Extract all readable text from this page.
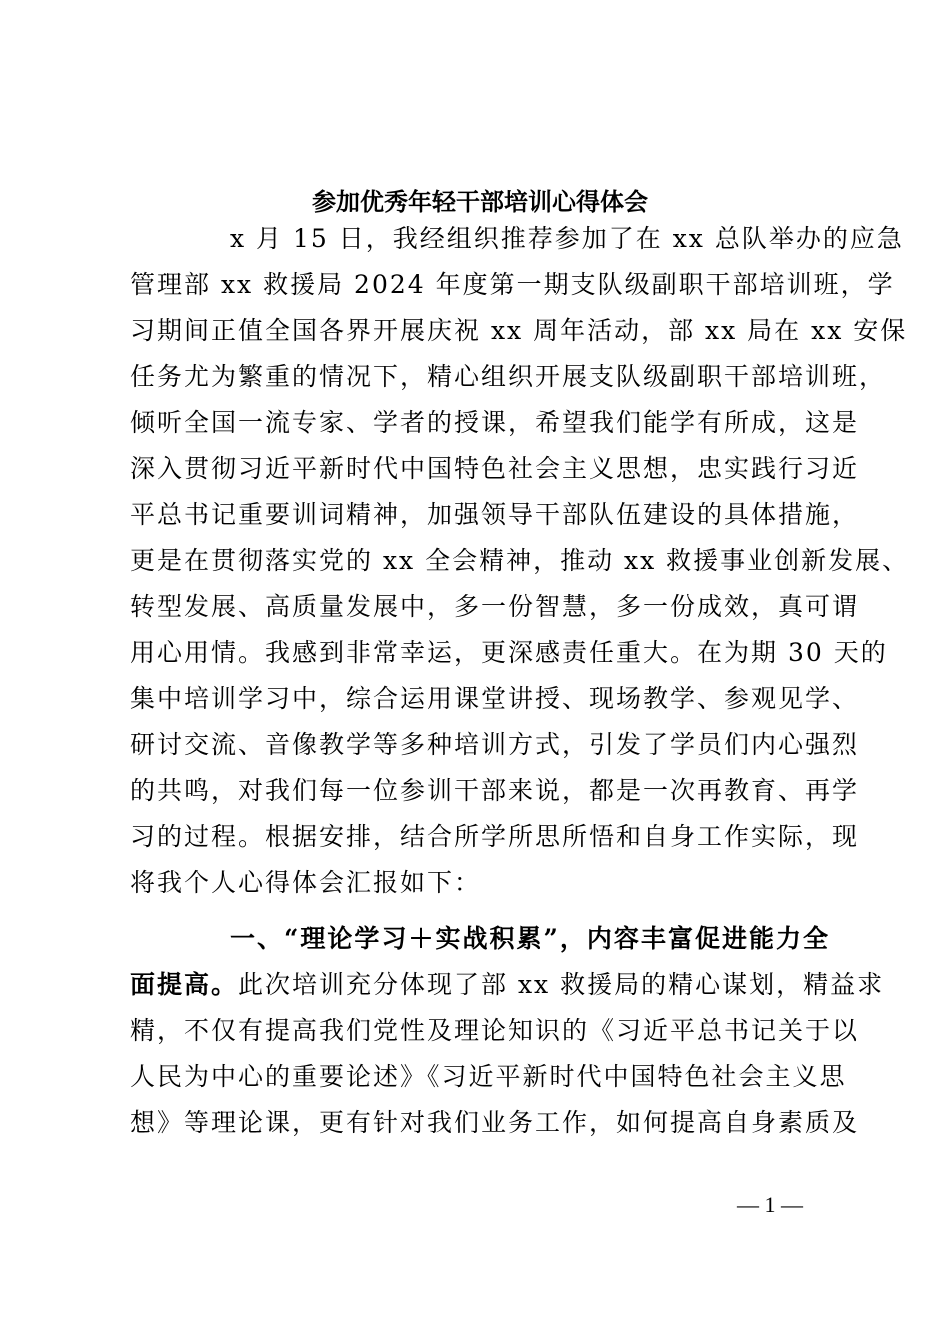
参加优秀年轻干部培训心得体会
x 月 15 日，我经组织推荐参加了在 xx 总队举办的应急
管理部 xx 救援局 2024 年度第一期支队级副职干部培训班，学
习期间正值全国各界开展庆祝 xx 周年活动，部 xx 局在 xx 安保
任务尤为繁重的情况下，精心组织开展支队级副职干部培训班，
倾听全国一流专家、学者的授课，希望我们能学有所成，这是
深入贯彻习近平新时代中国特色社会主义思想，忠实践行习近
平总书记重要训词精神，加强领导干部队伍建设的具体措施，
更是在贯彻落实党的 xx 全会精神，推动 xx 救援事业创新发展、
转型发展、高质量发展中，多一份智慧，多一份成效，真可谓
用心用情。我感到非常幸运，更深感责任重大。在为期 30 天的
集中培训学习中，综合运用课堂讲授、现场教学、参观见学、
研讨交流、音像教学等多种培训方式，引发了学员们内心强烈
的共鸣，对我们每一位参训干部来说，都是一次再教育、再学
习的过程。根据安排，结合所学所思所悟和自身工作实际，现
将我个人心得体会汇报如下：
一、“理论学习＋实战积累”，内容丰富促进能力全
面提高。此次培训充分体现了部 xx 救援局的精心谋划，精益求
精，不仅有提高我们党性及理论知识的《习近平总书记关于以
人民为中心的重要论述》《习近平新时代中国特色社会主义思
想》等理论课，更有针对我们业务工作，如何提高自身素质及
— 1 —
